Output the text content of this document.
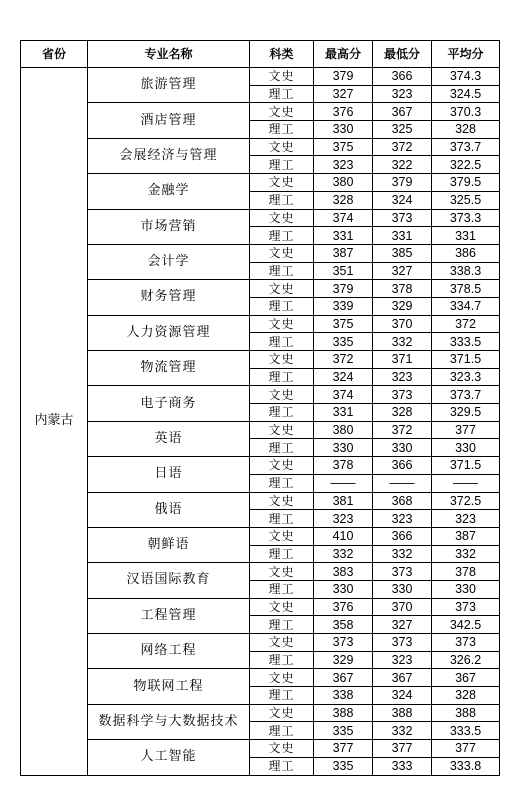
省份	专业名称	科类	最高分	最低分	平均分
内蒙古	旅游管理	文史	379	366	374.3
		理工	327	323	324.5
	酒店管理	文史	376	367	370.3
		理工	330	325	328
	会展经济与管理	文史	375	372	373.7
		理工	323	322	322.5
	金融学	文史	380	379	379.5
		理工	328	324	325.5
	市场营销	文史	374	373	373.3
		理工	331	331	331
	会计学	文史	387	385	386
		理工	351	327	338.3
	财务管理	文史	379	378	378.5
		理工	339	329	334.7
	人力资源管理	文史	375	370	372
		理工	335	332	333.5
	物流管理	文史	372	371	371.5
		理工	324	323	323.3
	电子商务	文史	374	373	373.7
		理工	331	328	329.5
	英语	文史	380	372	377
		理工	330	330	330
	日语	文史	378	366	371.5
		理工	——	——	——
	俄语	文史	381	368	372.5
		理工	323	323	323
	朝鲜语	文史	410	366	387
		理工	332	332	332
	汉语国际教育	文史	383	373	378
		理工	330	330	330
	工程管理	文史	376	370	373
		理工	358	327	342.5
	网络工程	文史	373	373	373
		理工	329	323	326.2
	物联网工程	文史	367	367	367
		理工	338	324	328
	数据科学与大数据技术	文史	388	388	388
		理工	335	332	333.5
	人工智能	文史	377	377	377
		理工	335	333	333.8
